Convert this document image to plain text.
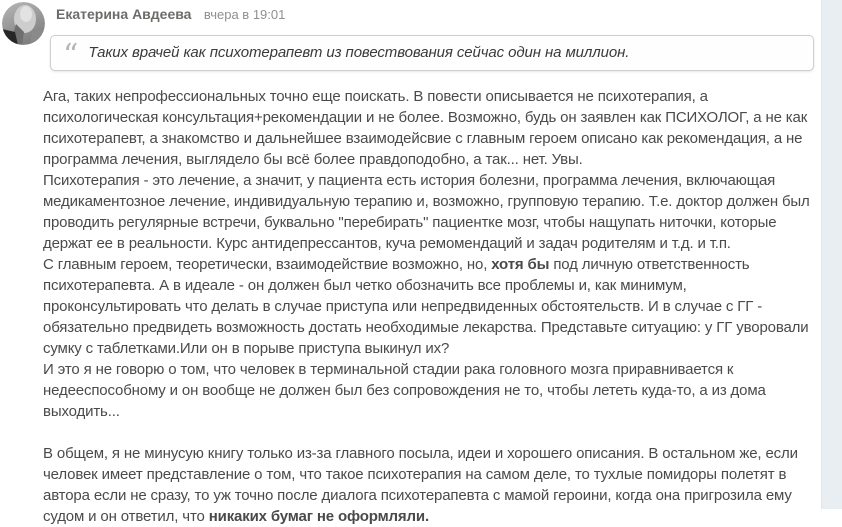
Екатерина Авдеева вчера в 19:01
“ Таких врачей как психотерапевт из повествования сейчас один на миллион.
Ага, таких непрофессиональных точно еще поискать. В повести описывается не психотерапия, а психологическая консультация+рекомендации и не более. Возможно, будь он заявлен как ПСИХОЛОГ, а не как психотерапевт, а знакомство и дальнейшее взаимодейсвие с главным героем описано как рекомендация, а не программа лечения, выглядело бы всё более правдоподобно, а так... нет. Увы.
Психотерапия - это лечение, а значит, у пациента есть история болезни, программа лечения, включающая медикаментозное лечение, индивидуальную терапию и, возможно, групповую терапию. Т.е. доктор должен был проводить регулярные встречи, буквально "перебирать" пациентке мозг, чтобы нащупать ниточки, которые держат ее в реальности. Курс антидепрессантов, куча ремомендаций и задач родителям и т.д. и т.п.
С главным героем, теоретически, взаимодействие возможно, но, хотя бы под личную ответственность психотерапевта. А в идеале - он должен был четко обозначить все проблемы и, как минимум, проконсультировать что делать в случае приступа или непредвиденных обстоятельств. И в случае с ГГ - обязательно предвидеть возможность достать необходимые лекарства. Представьте ситуацию: у ГГ уворовали сумку с таблетками.Или он в порыве приступа выкинул их?
И это я не говорю о том, что человек в терминальной стадии рака головного мозга приравнивается к недееспособному и он вообще не должен был без сопровождения не то, чтобы лететь куда-то, а из дома выходить...
В общем, я не минусую книгу только из-за главного посыла, идеи и хорошего описания. В остальном же, если человек имеет представление о том, что такое психотерапия на самом деле, то тухлые помидоры полетят в автора если не сразу, то уж точно после диалога психотерапевта с мамой героини, когда она пригрозила ему судом и он ответил, что никаких бумаг не оформляли.
